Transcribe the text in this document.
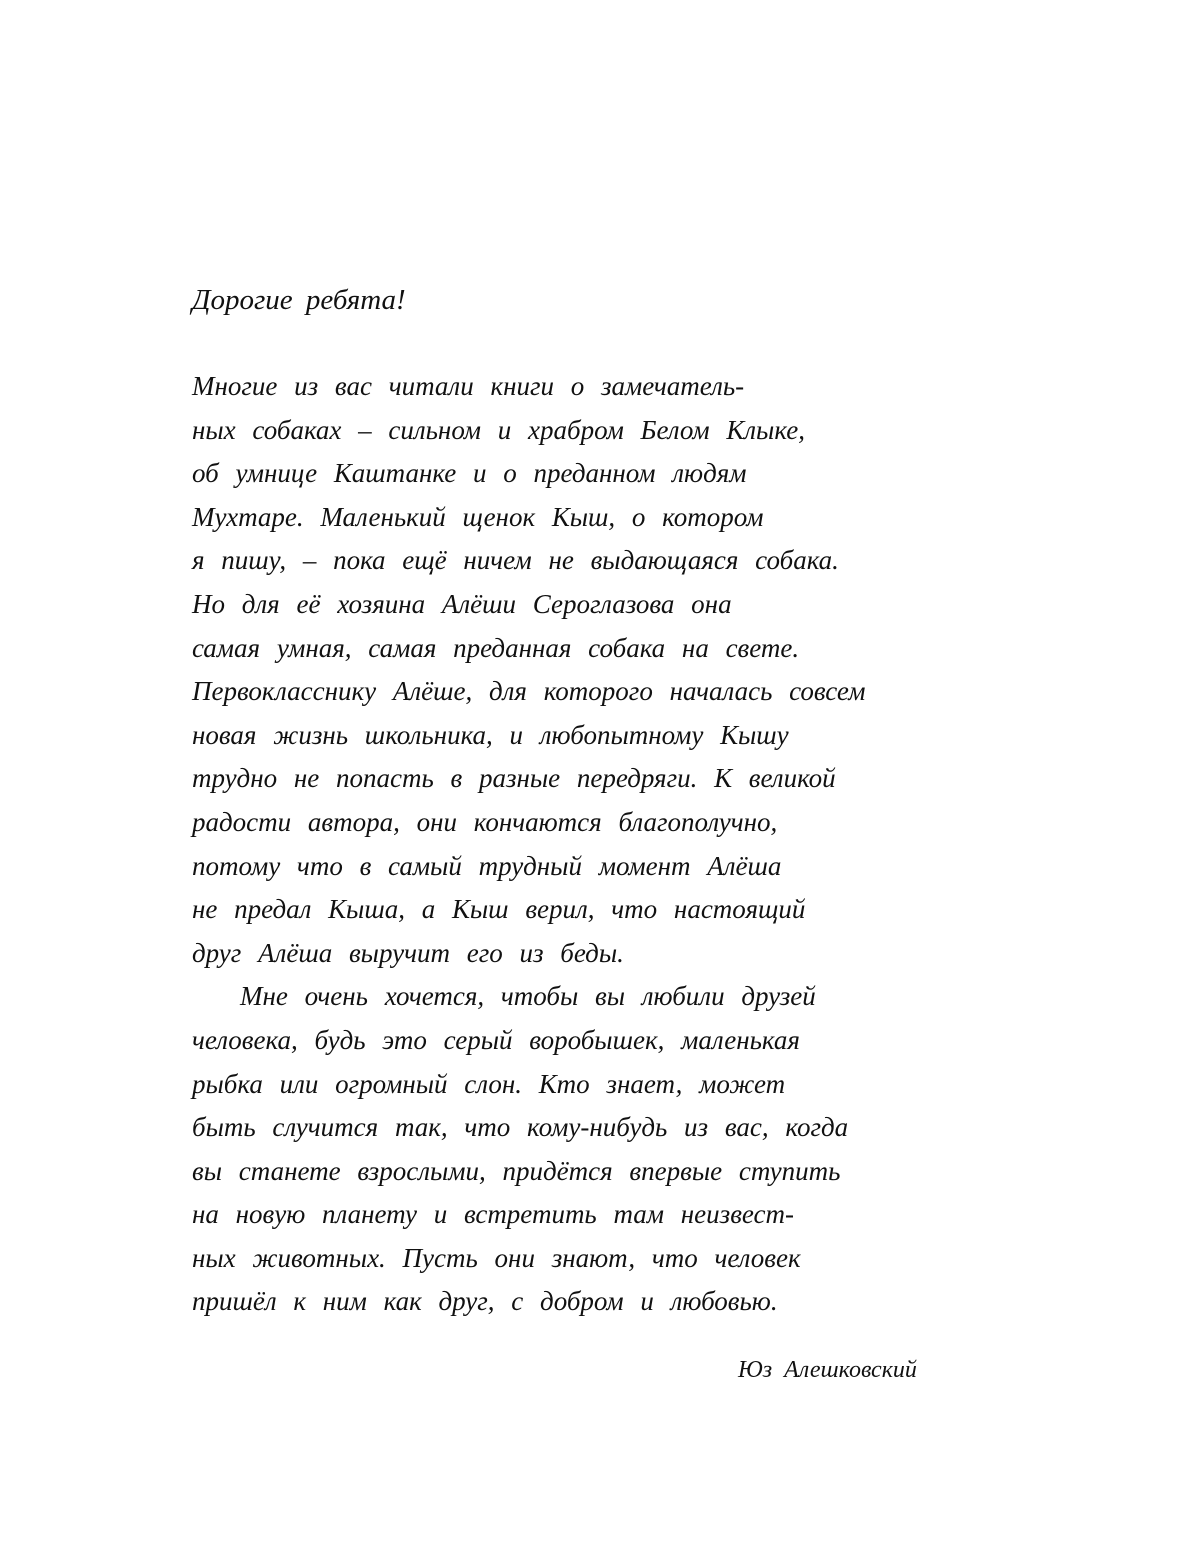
Дорогие ребята!
Многие из вас читали книги о замечатель-
ных собаках – сильном и храбром Белом Клыке,
об умнице Каштанке и о преданном людям
Мухтаре. Маленький щенок Кыш, о котором
я пишу, – пока ещё ничем не выдающаяся собака.
Но для её хозяина Алёши Сероглазова она
самая умная, самая преданная собака на свете.
Первокласснику Алёше, для которого началась совсем
новая жизнь школьника, и любопытному Кышу
трудно не попасть в разные передряги. К великой
радости автора, они кончаются благополучно,
потому что в самый трудный момент Алёша
не предал Кыша, а Кыш верил, что настоящий
друг Алёша выручит его из беды.
Мне очень хочется, чтобы вы любили друзей
человека, будь это серый воробышек, маленькая
рыбка или огромный слон. Кто знает, может
быть случится так, что кому-нибудь из вас, когда
вы станете взрослыми, придётся впервые ступить
на новую планету и встретить там неизвест-
ных животных. Пусть они знают, что человек
пришёл к ним как друг, с добром и любовью.
Юз Алешковский
